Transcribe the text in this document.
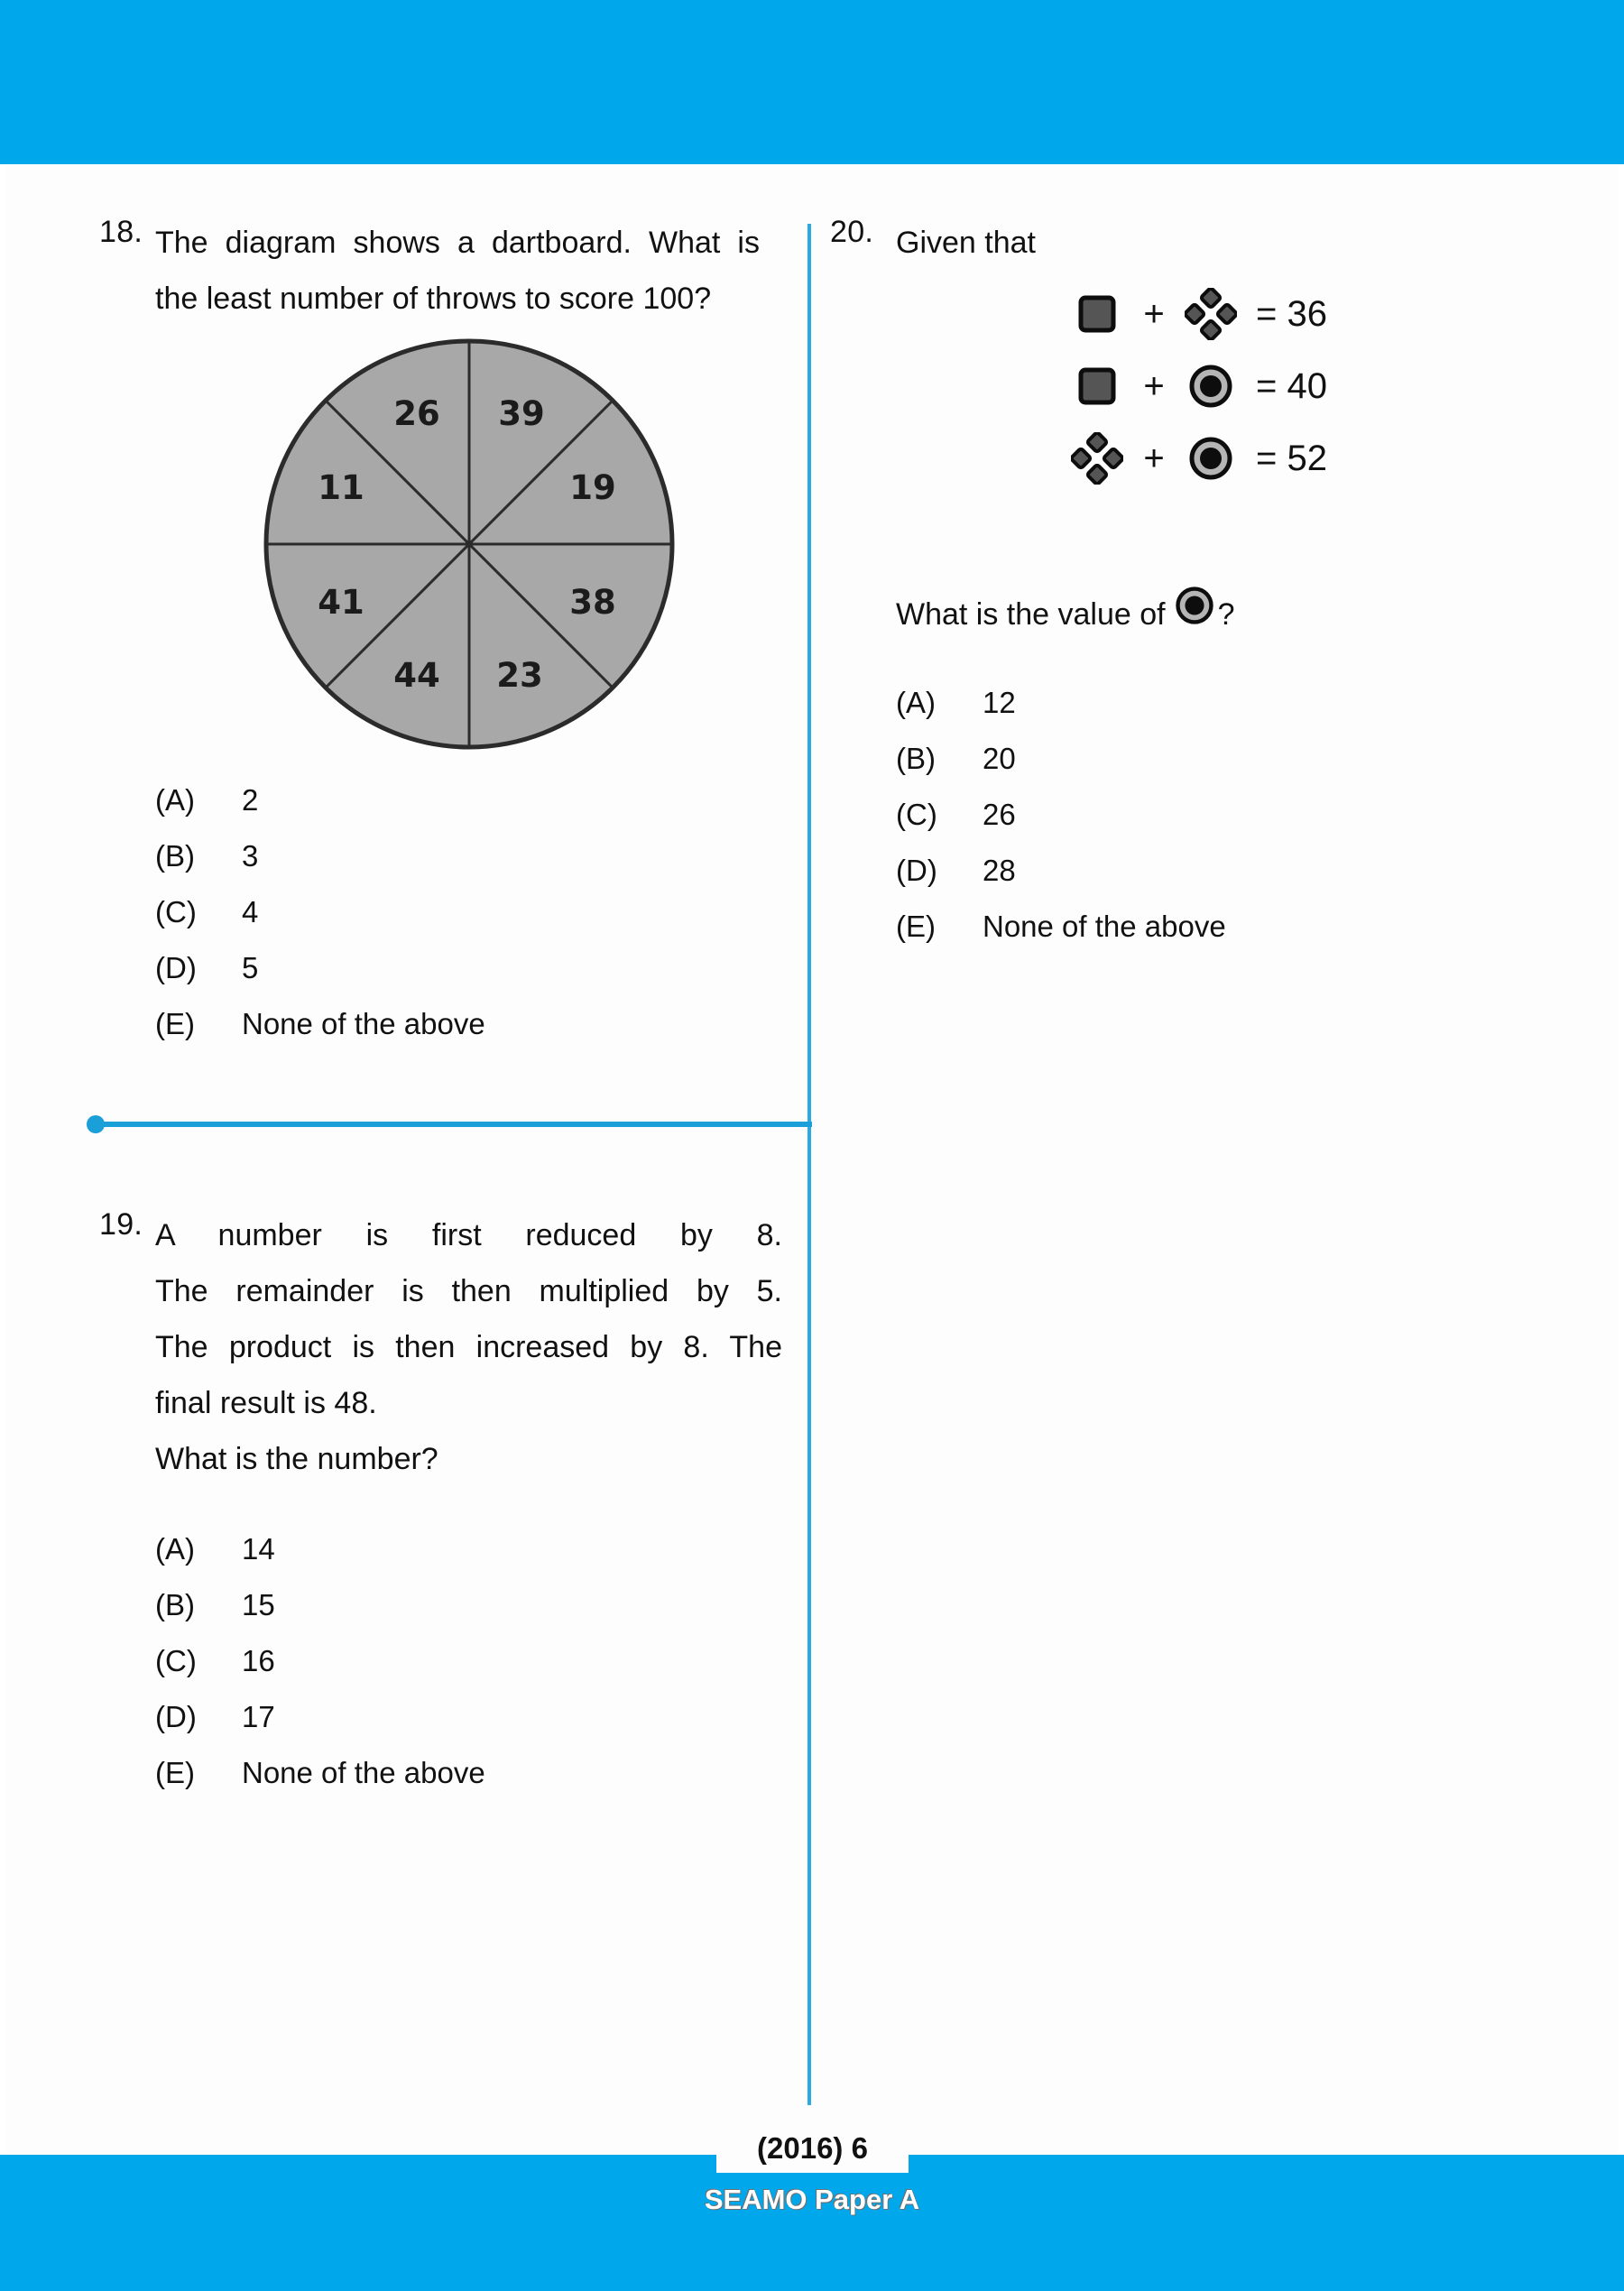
18. The diagram shows a dartboard. What is
the least number of throws to score 100?
39
19
38
23
44
41
11
26
(A)	2
(B)	3
(C)	4
(D)	5
(E)	None of the above
19. A number is first reduced by 8.
The remainder is then multiplied by 5.
The product is then increased by 8. The
final result is 48.
What is the number?
(A)	14
(B)	15
(C)	16
(D)	17
(E)	None of the above
20. Given that
+	= 36
+	= 40
+	= 52
What is the value of ?
(A)	12
(B)	20
(C)	26
(D)	28
(E)	None of the above
(2016) 6
SEAMO Paper A
